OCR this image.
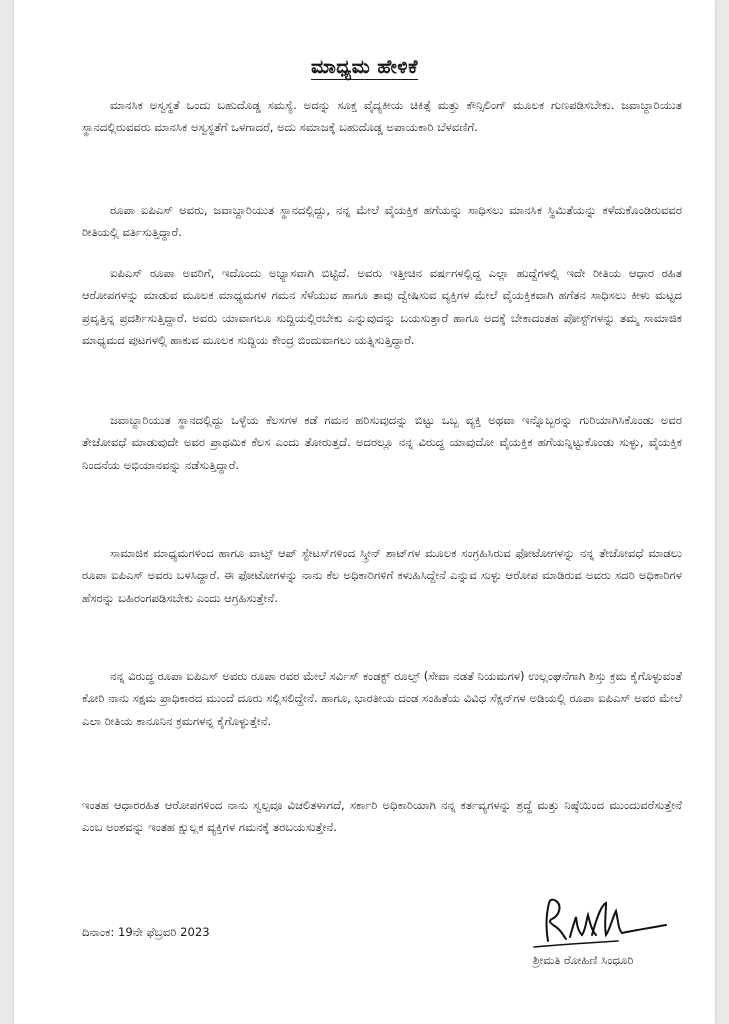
ಮಾಧ್ಯಮ ಹೇಳಿಕೆ

ಮಾನಸಿಕ ಅಸ್ವಸ್ಥತೆ ಒಂದು ಬಹುದೊಡ್ಡ ಸಮಸ್ಯೆ. ಅದನ್ನು ಸೂಕ್ತ ವೈದ್ಯಕೀಯ ಚಿಕಿತ್ಸೆ ಮತ್ತು ಕೌನ್ಸಿಲಿಂಗ್ ಮೂಲಕ ಗುಣಪಡಿಸಬೇಕು. ಜವಾಬ್ದಾರಿಯುತ ಸ್ಥಾನದಲ್ಲಿರುವವರು ಮಾನಸಿಕ ಅಸ್ವಸ್ಥತೆಗೆ ಒಳಗಾದರೆ, ಅದು ಸಮಾಜಕ್ಕೆ ಬಹುದೊಡ್ಡ ಅಪಾಯಕಾರಿ ಬೆಳವಣಿಗೆ.

ರೂಪಾ ಐಪಿಎಸ್ ಅವರು, ಜವಾಬ್ದಾರಿಯುತ ಸ್ಥಾನದಲ್ಲಿದ್ದು, ನನ್ನ ಮೇಲೆ ವೈಯಕ್ತಿಕ ಹಗೆಯನ್ನು ಸಾಧಿಸಲು ಮಾನಸಿಕ ಸ್ಥಿಮಿತೆಯನ್ನು ಕಳೆದುಕೊಂಡಿರುವವರ ರೀತಿಯಲ್ಲಿ ವರ್ತಿಸುತ್ತಿದ್ದಾರೆ.

ಐಪಿಎಸ್ ರೂಪಾ ಅವರಿಗೆ, ಇದೊಂದು ಅಭ್ಯಾಸವಾಗಿ ಬಿಟ್ಟಿದೆ. ಅವರು ಇತ್ತೀಚಿನ ವರ್ಷಗಳಲ್ಲಿದ್ದ ಎಲ್ಲಾ ಹುದ್ದೆಗಳಲ್ಲಿ ಇದೇ ರೀತಿಯ ಆಧಾರ ರಹಿತ ಆರೋಪಗಳನ್ನು ಮಾಡುವ ಮೂಲಕ ಮಾಧ್ಯಮಗಳ ಗಮನ ಸೆಳೆಯುವ ಹಾಗೂ ತಾವು ದ್ವೇಷಿಸುವ ವ್ಯಕ್ತಿಗಳ ಮೇಲೆ ವೈಯಕ್ತಿಕವಾಗಿ ಹಗೆತನ ಸಾಧಿಸಲು ಕೀಳು ಮಟ್ಟದ ಪ್ರವೃತ್ತಿನ್ನ ಪ್ರದರ್ಶಿಸುತ್ತಿದ್ದಾರೆ. ಅವರು ಯಾವಾಗಲೂ ಸುದ್ದಿಯಲ್ಲಿರಬೇಕು ಎನ್ನುವುದನ್ನು ಬಯಸುತ್ತಾರೆ ಹಾಗೂ ಅದಕ್ಕೆ ಬೇಕಾದಂತಹ ಪೋಸ್ಟ್‌ಗಳನ್ನು ತಮ್ಮ ಸಾಮಾಜಿಕ ಮಾಧ್ಯಮದ ಪುಟಗಳಲ್ಲಿ ಹಾಕುವ ಮೂಲಕ ಸುದ್ದಿಯ ಕೇಂದ್ರ ಬಿಂದುವಾಗಲು ಯತ್ನಿಸುತ್ತಿದ್ದಾರೆ.

ಜವಾಬ್ದಾರಿಯುತ ಸ್ಥಾನದಲ್ಲಿದ್ದು ಒಳ್ಳೆಯ ಕೆಲಸಗಳ ಕಡೆ ಗಮನ ಹರಿಸುವುದನ್ನು ಬಿಟ್ಟು ಒಬ್ಬ ವ್ಯಕ್ತಿ ಅಥವಾ ಇನ್ನೊಬ್ಬರನ್ನು ಗುರಿಯಾಗಿಸಿಕೊಂಡು ಅವರ ತೇಜೋವಧೆ ಮಾಡುವುದೇ ಅವರ ಪ್ರಾಥಮಿಕ ಕೆಲಸ ಎಂದು ತೋರುತ್ತದೆ. ಅದರಲ್ಲೂ ನನ್ನ ವಿರುದ್ಧ ಯಾವುದೋ ವೈಯಕ್ತಿಕ ಹಗೆಯನ್ನಿಟ್ಟುಕೊಂಡು ಸುಳ್ಳು, ವೈಯಕ್ತಿಕ ನಿಂದನೆಯ ಅಭಿಯಾನವನ್ನು ನಡೆಸುತ್ತಿದ್ದಾರೆ.

ಸಾಮಾಜಿಕ ಮಾಧ್ಯಮಗಳಿಂದ ಹಾಗೂ ವಾಟ್ಸ್ ಆಪ್ ಸ್ಟೇಟಸ್‌ಗಳಿಂದ ಸ್ಕ್ರೀನ್ ಶಾಟ್‌ಗಳ ಮೂಲಕ ಸಂಗ್ರಹಿಸಿರುವ ಫೋಟೋಗಳನ್ನು ನನ್ನ ತೇಜೋವಧೆ ಮಾಡಲು ರೂಪಾ ಐಪಿಎಸ್ ಅವರು ಬಳಸಿದ್ದಾರೆ. ಈ ಫೋಟೋಗಳನ್ನು ನಾನು ಕೆಲ ಅಧಿಕಾರಿಗಳಿಗೆ ಕಳುಹಿಸಿದ್ದೇನೆ ಎನ್ನುವ ಸುಳ್ಳು ಆರೋಪ ಮಾಡಿರುವ ಅವರು ಸದರಿ ಅಧಿಕಾರಿಗಳ ಹೆಸರನ್ನು ಬಹಿರಂಗಪಡಿಸಬೇಕು ಎಂದು ಆಗ್ರಹಿಸುತ್ತೇನೆ.

ನನ್ನ ವಿರುದ್ಧ ರೂಪಾ ಐಪಿಎಸ್ ಅವರು ರೂಪಾ ರವರ ಮೇಲೆ ಸರ್ವಿಸ್ ಕಂಡಕ್ಟ್ ರೂಲ್ಸ್ (ಸೇವಾ ನಡತೆ ನಿಯಮಗಳ) ಉಲ್ಲಂಘನೆಗಾಗಿ ಶಿಸ್ತು ಕ್ರಮ ಕೈಗೊಳ್ಳುವಂತೆ ಕೋರಿ ನಾನು ಸಕ್ಷಮ ಪ್ರಾಧಿಕಾರದ ಮುಂದೆ ದೂರು ಸಲ್ಲಿಸಲಿದ್ದೇನೆ. ಹಾಗೂ, ಭಾರತೀಯ ದಂಡ ಸಂಹಿತೆಯ ವಿವಿಧ ಸೆಕ್ಷನ್‌ಗಳ ಅಡಿಯಲ್ಲಿ ರೂಪಾ ಐಪಿಎಸ್ ಅವರ ಮೇಲೆ ಎಲಾ ರೀತಿಯ ಕಾನೂನಿನ ಕ್ರಮಗಳನ್ನ ಕೈಗೊಳ್ಳುತ್ತೇನೆ.

ಇಂತಹ ಆಧಾರರಹಿತ ಆರೋಪಗಳಿಂದ ನಾನು ಸ್ವಲ್ಪವೂ ವಿಚಲಿತಳಾಗದೆ, ಸರ್ಕಾರಿ ಅಧಿಕಾರಿಯಾಗಿ ನನ್ನ ಕರ್ತವ್ಯಗಳನ್ನು ಶ್ರದ್ಧೆ ಮತ್ತು ನಿಷ್ಠೆಯಿಂದ ಮುಂದುವರೆಸುತ್ತೇನೆ ಎಂಬ ಅಂಶವನ್ನು ಇಂತಹ ಕ್ಷುಲ್ಲಕ ವ್ಯಕ್ತಿಗಳ ಗಮನಕ್ಕೆ ತರಬಯಸುತ್ತೇನೆ.

ದಿನಾಂಕ: 19ನೇ ಫೆಬ್ರವರಿ 2023
ಶ್ರೀಮತಿ ರೋಹಿಣಿ ಸಿಂಧೂರಿ
